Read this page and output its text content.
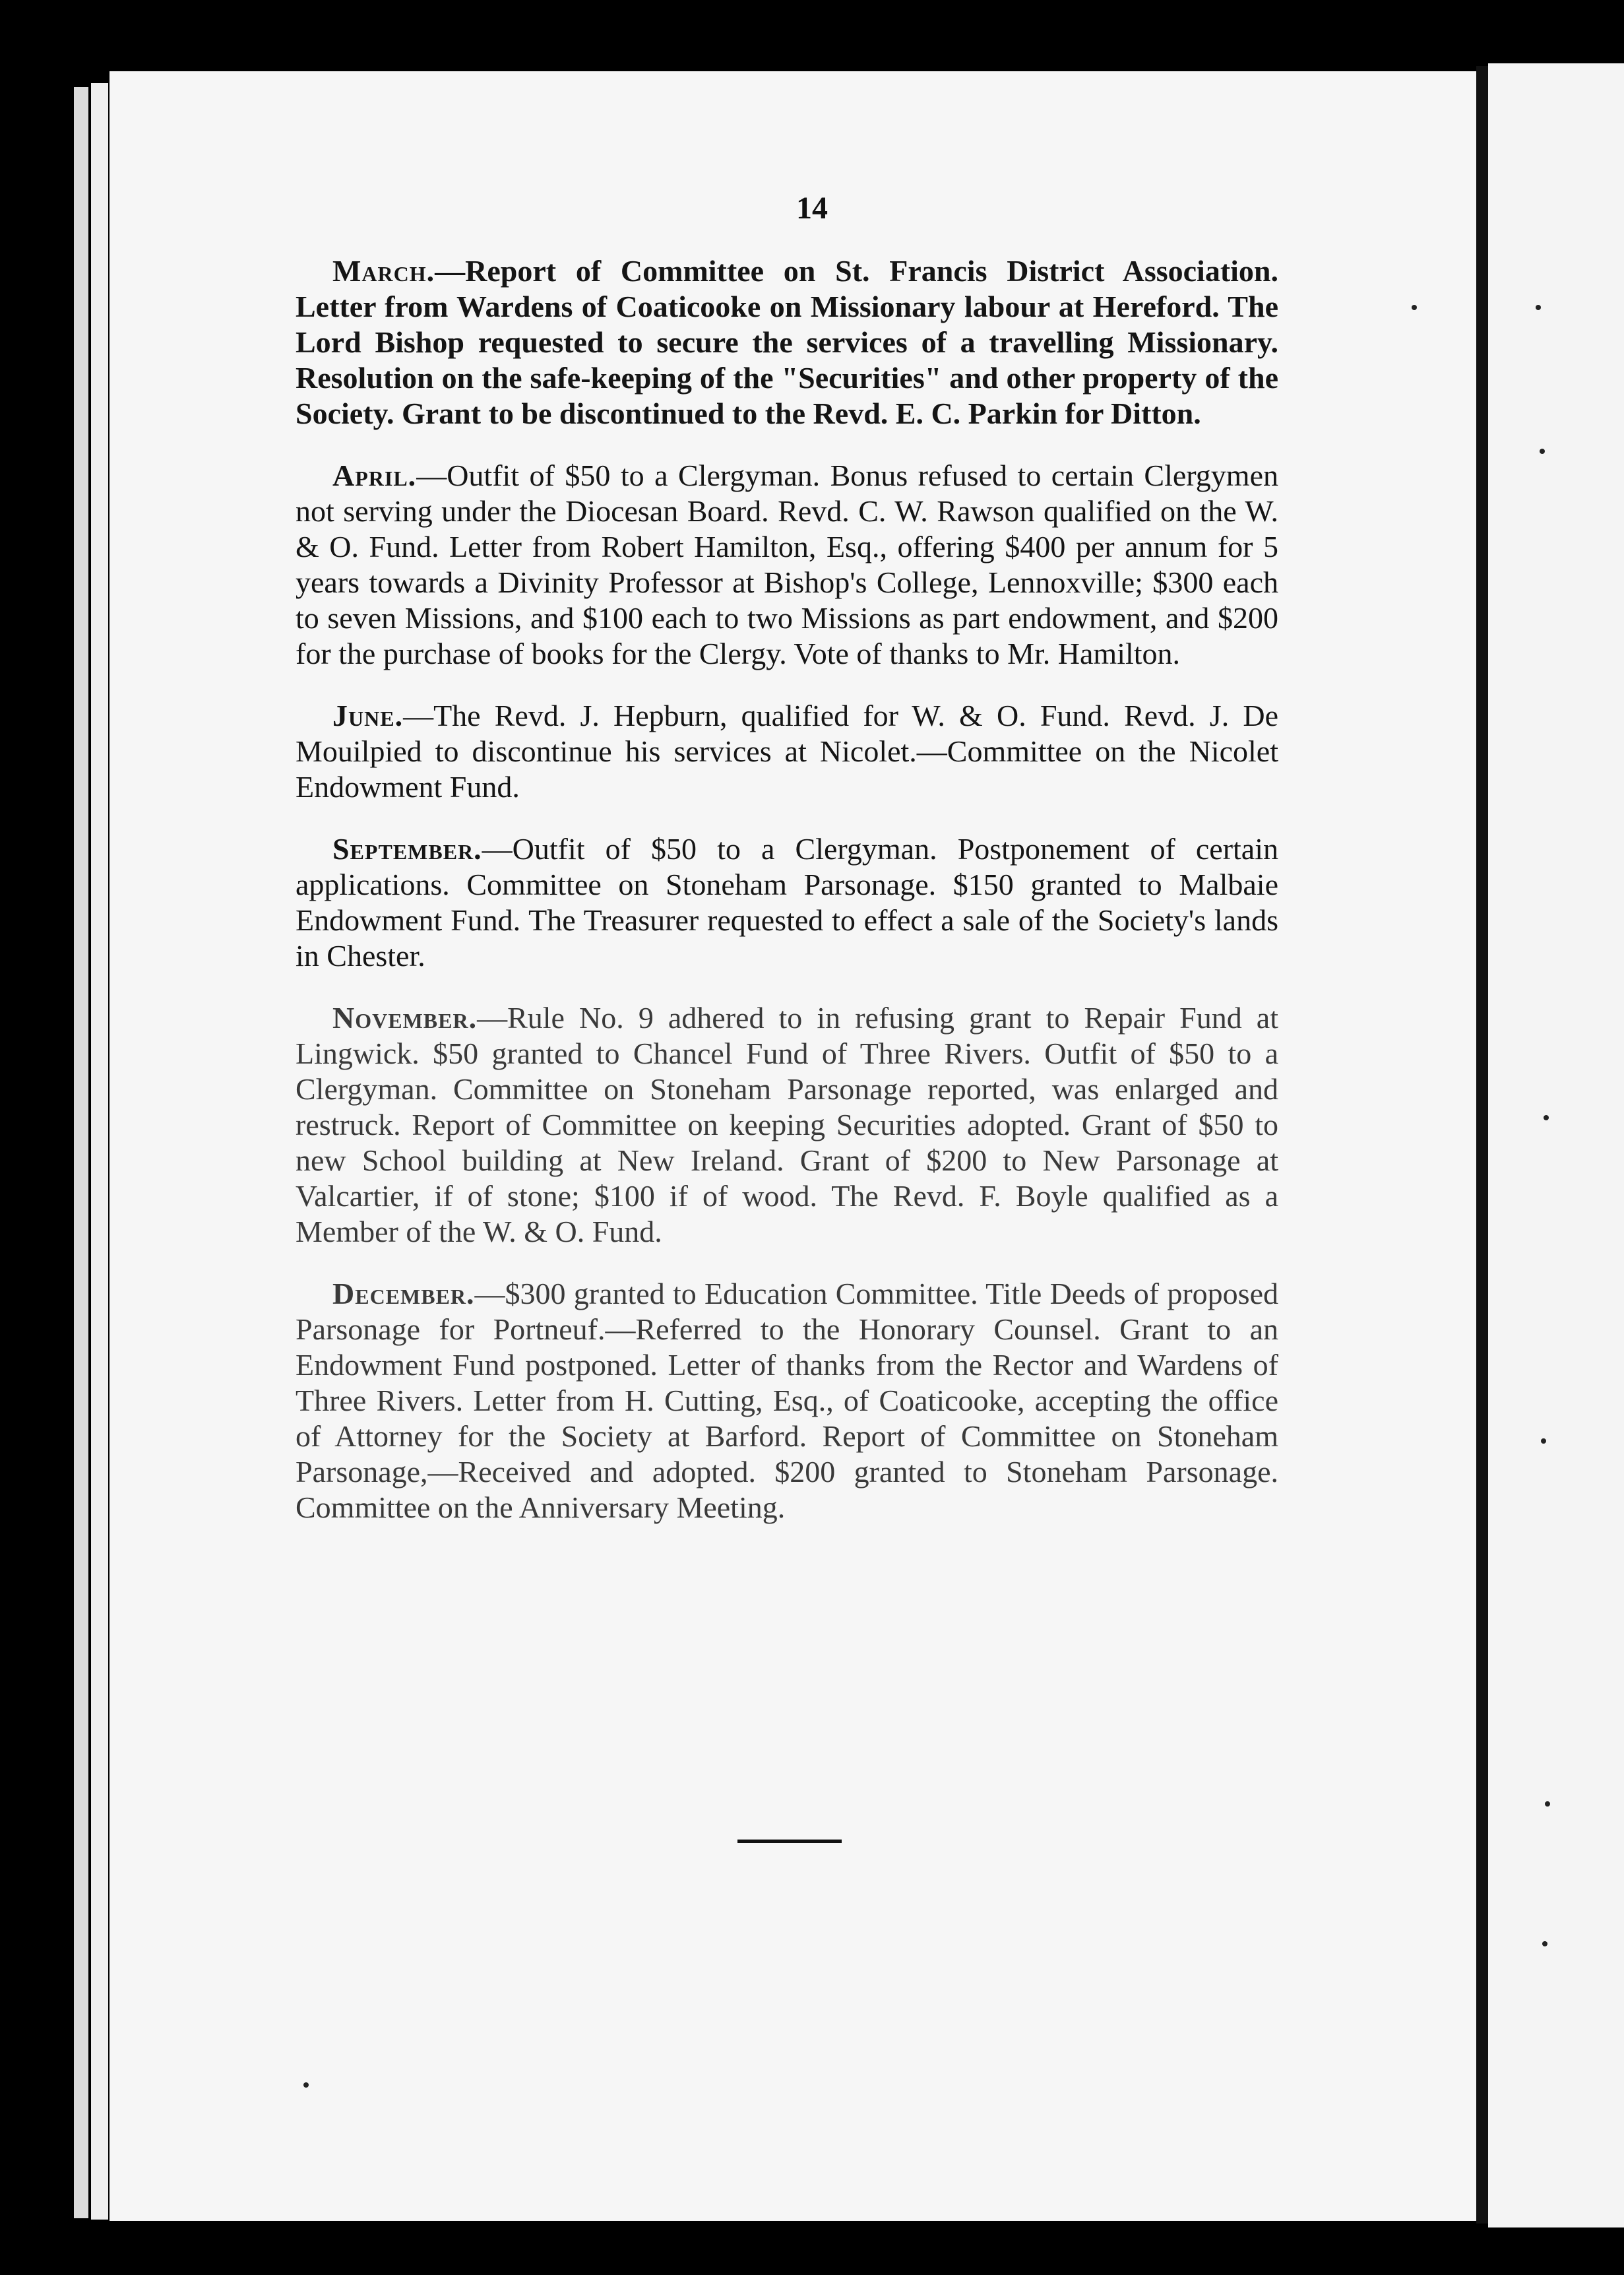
14

March.—Report of Committee on St. Francis District Association. Letter from Wardens of Coaticooke on Missionary labour at Hereford. The Lord Bishop requested to secure the services of a travelling Missionary. Resolution on the safe-keeping of the "Securities" and other property of the Society. Grant to be discontinued to the Revd. E. C. Parkin for Ditton.

April.—Outfit of $50 to a Clergyman. Bonus refused to certain Clergymen not serving under the Diocesan Board. Revd. C. W. Rawson qualified on the W. & O. Fund. Letter from Robert Hamilton, Esq., offering $400 per annum for 5 years towards a Divinity Professor at Bishop's College, Lennoxville; $300 each to seven Missions, and $100 each to two Missions as part endowment, and $200 for the purchase of books for the Clergy. Vote of thanks to Mr. Hamilton.

June.—The Revd. J. Hepburn, qualified for W. & O. Fund. Revd. J. De Mouilpied to discontinue his services at Nicolet.—Committee on the Nicolet Endowment Fund.

September.—Outfit of $50 to a Clergyman. Postponement of certain applications. Committee on Stoneham Parsonage. $150 granted to Malbaie Endowment Fund. The Treasurer requested to effect a sale of the Society's lands in Chester.

November.—Rule No. 9 adhered to in refusing grant to Repair Fund at Lingwick. $50 granted to Chancel Fund of Three Rivers. Outfit of $50 to a Clergyman. Committee on Stoneham Parsonage reported, was enlarged and restruck. Report of Committee on keeping Securities adopted. Grant of $50 to new School building at New Ireland. Grant of $200 to New Parsonage at Valcartier, if of stone; $100 if of wood. The Revd. F. Boyle qualified as a Member of the W. & O. Fund.

December.—$300 granted to Education Committee. Title Deeds of proposed Parsonage for Portneuf.—Referred to the Honorary Counsel. Grant to an Endowment Fund postponed. Letter of thanks from the Rector and Wardens of Three Rivers. Letter from H. Cutting, Esq., of Coaticooke, accepting the office of Attorney for the Society at Barford. Report of Committee on Stoneham Parsonage,—Received and adopted. $200 granted to Stoneham Parsonage. Committee on the Anniversary Meeting.
